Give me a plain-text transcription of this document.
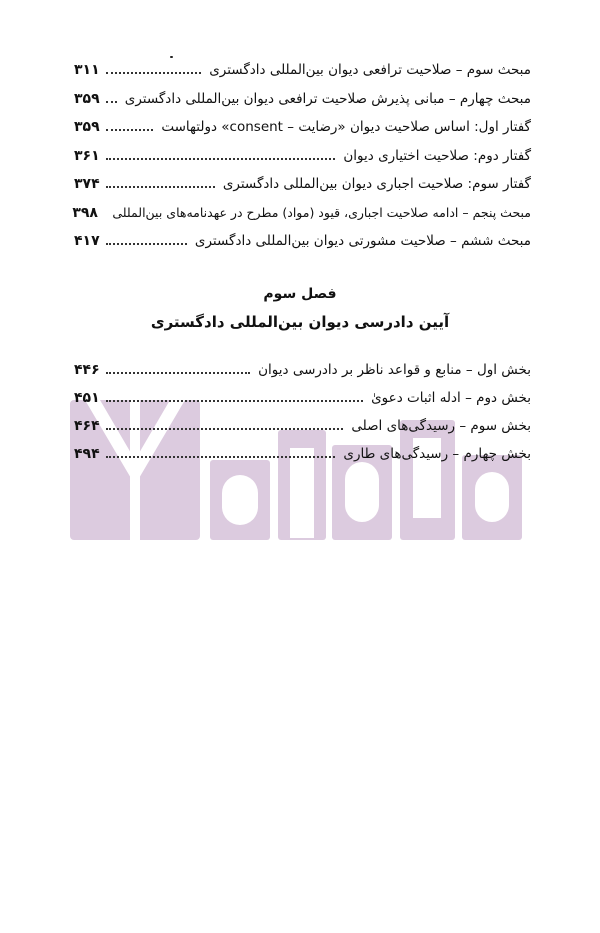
مبحث سوم – صلاحیت ترافعی دیوان بین‌المللی دادگستری
۳۱۱
مبحث چهارم – مبانی پذیرش صلاحیت ترافعی دیوان بین‌المللی دادگستری
۳۵۹
گفتار اول: اساس صلاحیت دیوان «رضایت – consent» دولتهاست
۳۵۹
گفتار دوم: صلاحیت اختیاری دیوان
۳۶۱
گفتار سوم: صلاحیت اجباری دیوان بین‌المللی دادگستری
۳۷۴
مبحث پنجم – ادامه صلاحیت اجباری، قیود (مواد) مطرح در عهدنامه‌های بین‌المللی
۳۹۸
مبحث ششم – صلاحیت مشورتی دیوان بین‌المللی دادگستری
۴۱۷
فصل سوم
آیین دادرسی دیوان بین‌المللی دادگستری
بخش اول – منابع و قواعد ناظر بر دادرسی دیوان
۴۴۶
بخش دوم – ادله اثبات دعویٰ
۴۵۱
بخش سوم – رسیدگی‌های اصلی
۴۶۴
بخش چهارم – رسیدگی‌های طاری
۴۹۴
